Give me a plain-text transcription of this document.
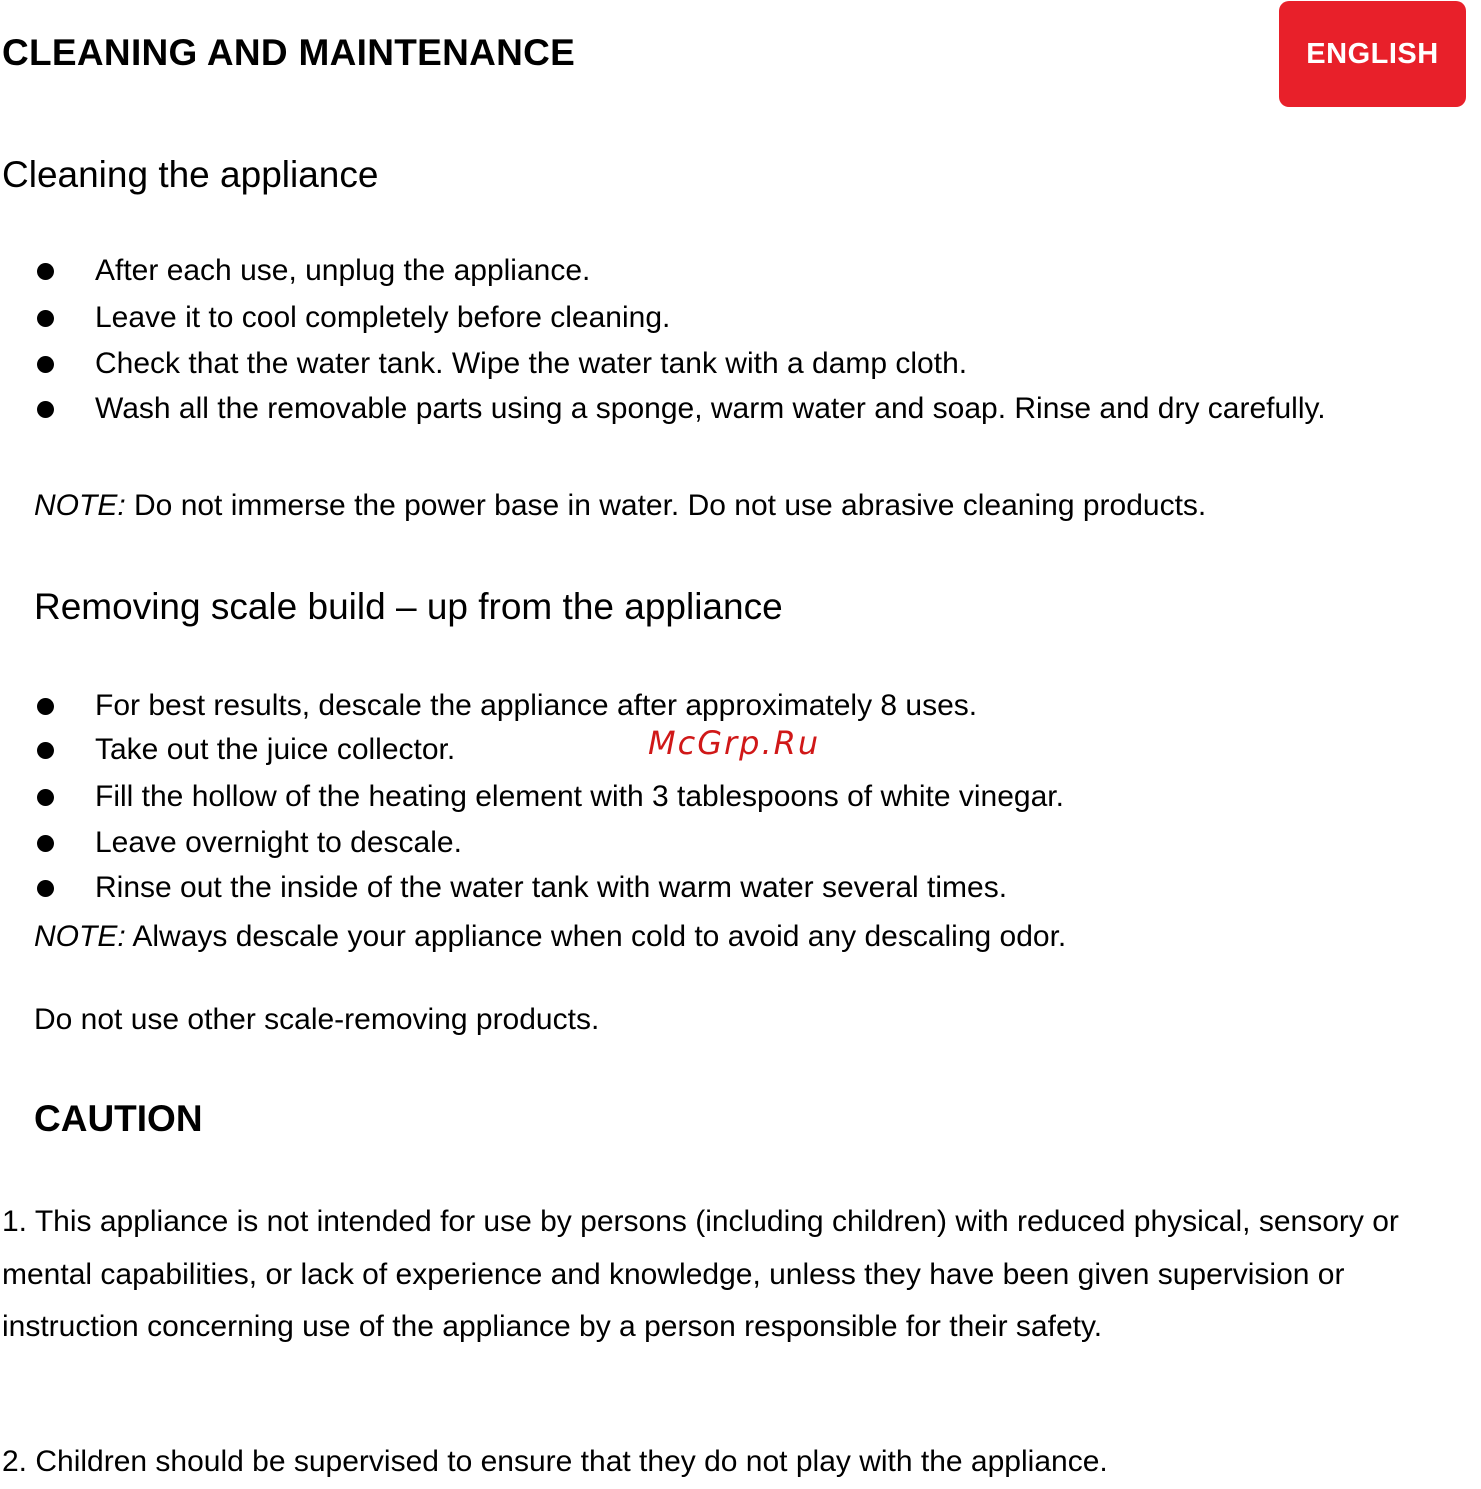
CLEANING AND MAINTENANCE	ENGLISH
Cleaning the appliance
After each use, unplug the appliance.
Leave it to cool completely before cleaning.
Check that the water tank. Wipe the water tank with a damp cloth.
Wash all the removable parts using a sponge, warm water and soap. Rinse and dry carefully.
NOTE: Do not immerse the power base in water. Do not use abrasive cleaning products.
Removing scale build – up from the appliance
For best results, descale the appliance after approximately 8 uses.
Take out the juice collector.
Fill the hollow of the heating element with 3 tablespoons of white vinegar.
Leave overnight to descale.
Rinse out the inside of the water tank with warm water several times.
NOTE: Always descale your appliance when cold to avoid any descaling odor.
Do not use other scale-removing products.
CAUTION
1. This appliance is not intended for use by persons (including children) with reduced physical, sensory or mental capabilities, or lack of experience and knowledge, unless they have been given supervision or instruction concerning use of the appliance by a person responsible for their safety.
2. Children should be supervised to ensure that they do not play with the appliance.
McGrp.Ru
